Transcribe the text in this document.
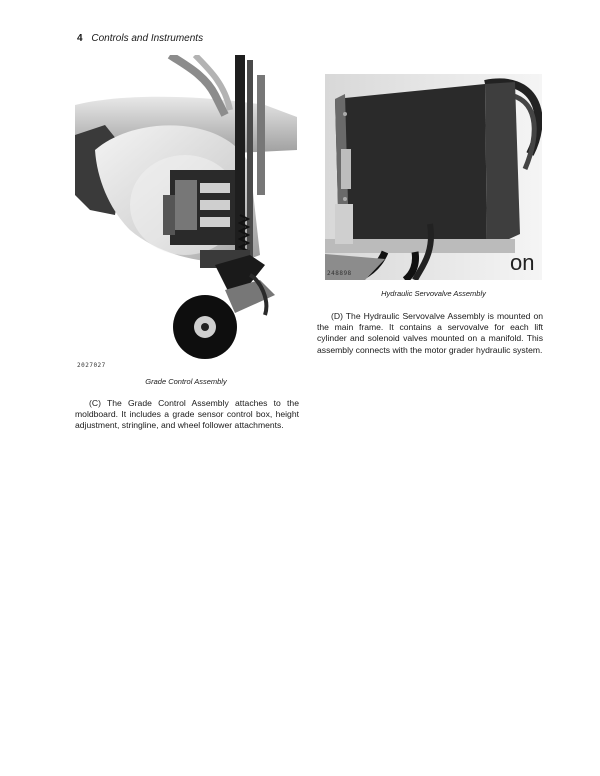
4 Controls and Instruments
2027027
Grade Control Assembly

(C) The Grade Control Assembly attaches to the moldboard. It includes a grade sensor control box, height adjustment, stringline, and wheel follower attachments.

on
248898
Hydraulic Servovalve Assembly

(D) The Hydraulic Servovalve Assembly is mounted on the main frame. It contains a servovalve for each lift cylinder and solenoid valves mounted on a manifold. This assembly connects with the motor grader hydraulic system.
